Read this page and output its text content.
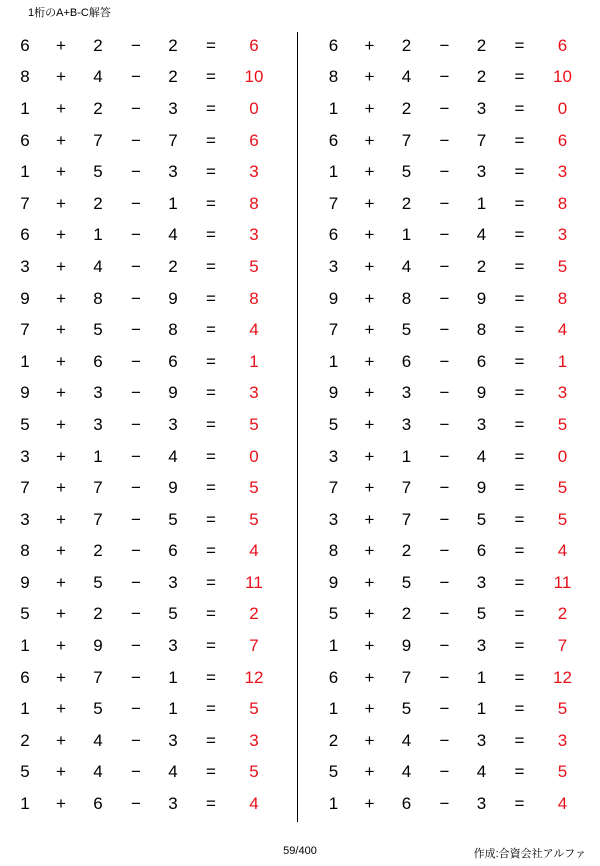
1桁のA+B-C解答
6	+	2	−	2	=	6
8	+	4	−	2	=	10
1	+	2	−	3	=	0
6	+	7	−	7	=	6
1	+	5	−	3	=	3
7	+	2	−	1	=	8
6	+	1	−	4	=	3
3	+	4	−	2	=	5
9	+	8	−	9	=	8
7	+	5	−	8	=	4
1	+	6	−	6	=	1
9	+	3	−	9	=	3
5	+	3	−	3	=	5
3	+	1	−	4	=	0
7	+	7	−	9	=	5
3	+	7	−	5	=	5
8	+	2	−	6	=	4
9	+	5	−	3	=	11
5	+	2	−	5	=	2
1	+	9	−	3	=	7
6	+	7	−	1	=	12
1	+	5	−	1	=	5
2	+	4	−	3	=	3
5	+	4	−	4	=	5
1	+	6	−	3	=	4
6	+	2	−	2	=	6
8	+	4	−	2	=	10
1	+	2	−	3	=	0
6	+	7	−	7	=	6
1	+	5	−	3	=	3
7	+	2	−	1	=	8
6	+	1	−	4	=	3
3	+	4	−	2	=	5
9	+	8	−	9	=	8
7	+	5	−	8	=	4
1	+	6	−	6	=	1
9	+	3	−	9	=	3
5	+	3	−	3	=	5
3	+	1	−	4	=	0
7	+	7	−	9	=	5
3	+	7	−	5	=	5
8	+	2	−	6	=	4
9	+	5	−	3	=	11
5	+	2	−	5	=	2
1	+	9	−	3	=	7
6	+	7	−	1	=	12
1	+	5	−	1	=	5
2	+	4	−	3	=	3
5	+	4	−	4	=	5
1	+	6	−	3	=	4
59/400	作成:合資会社アルファ
